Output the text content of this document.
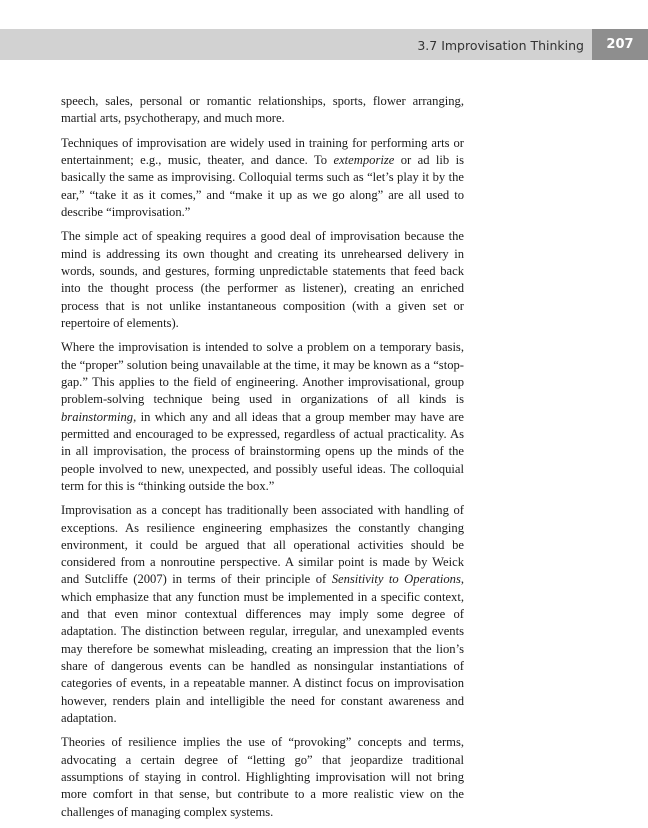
3.7 Improvisation Thinking	207

speech, sales, personal or romantic relationships, sports, flower arranging, martial arts, psychotherapy, and much more.

Techniques of improvisation are widely used in training for performing arts or entertainment; e.g., music, theater, and dance. To extemporize or ad lib is basically the same as improvising. Colloquial terms such as “let’s play it by the ear,” “take it as it comes,” and “make it up as we go along” are all used to describe “improvisation.”

The simple act of speaking requires a good deal of improvisation because the mind is addressing its own thought and creating its unrehearsed delivery in words, sounds, and gestures, forming unpredictable statements that feed back into the thought process (the performer as listener), creating an enriched process that is not unlike instantaneous composition (with a given set or repertoire of elements).

Where the improvisation is intended to solve a problem on a temporary basis, the “proper” solution being unavailable at the time, it may be known as a “stop-gap.” This applies to the field of engineering. Another improvisational, group problem-solving technique being used in organizations of all kinds is brainstorming, in which any and all ideas that a group member may have are permitted and encouraged to be expressed, regardless of actual practicality. As in all improvisation, the process of brainstorming opens up the minds of the people involved to new, unexpected, and possibly useful ideas. The colloquial term for this is “thinking outside the box.”

Improvisation as a concept has traditionally been associated with handling of exceptions. As resilience engineering emphasizes the constantly changing environment, it could be argued that all operational activities should be considered from a nonroutine perspective. A similar point is made by Weick and Sutcliffe (2007) in terms of their principle of Sensitivity to Operations, which emphasize that any function must be implemented in a specific context, and that even minor contextual differences may imply some degree of adaptation. The distinction between regular, irregular, and unexampled events may therefore be somewhat misleading, creating an impression that the lion’s share of dangerous events can be handled as nonsingular instantiations of categories of events, in a repeatable manner. A distinct focus on improvisation however, renders plain and intelligible the need for constant awareness and adaptation.

Theories of resilience implies the use of “provoking” concepts and terms, advocating a certain degree of “letting go” that jeopardize traditional assumptions of staying in control. Highlighting improvisation will not bring more comfort in that sense, but contribute to a more realistic view on the challenges of managing complex systems.
